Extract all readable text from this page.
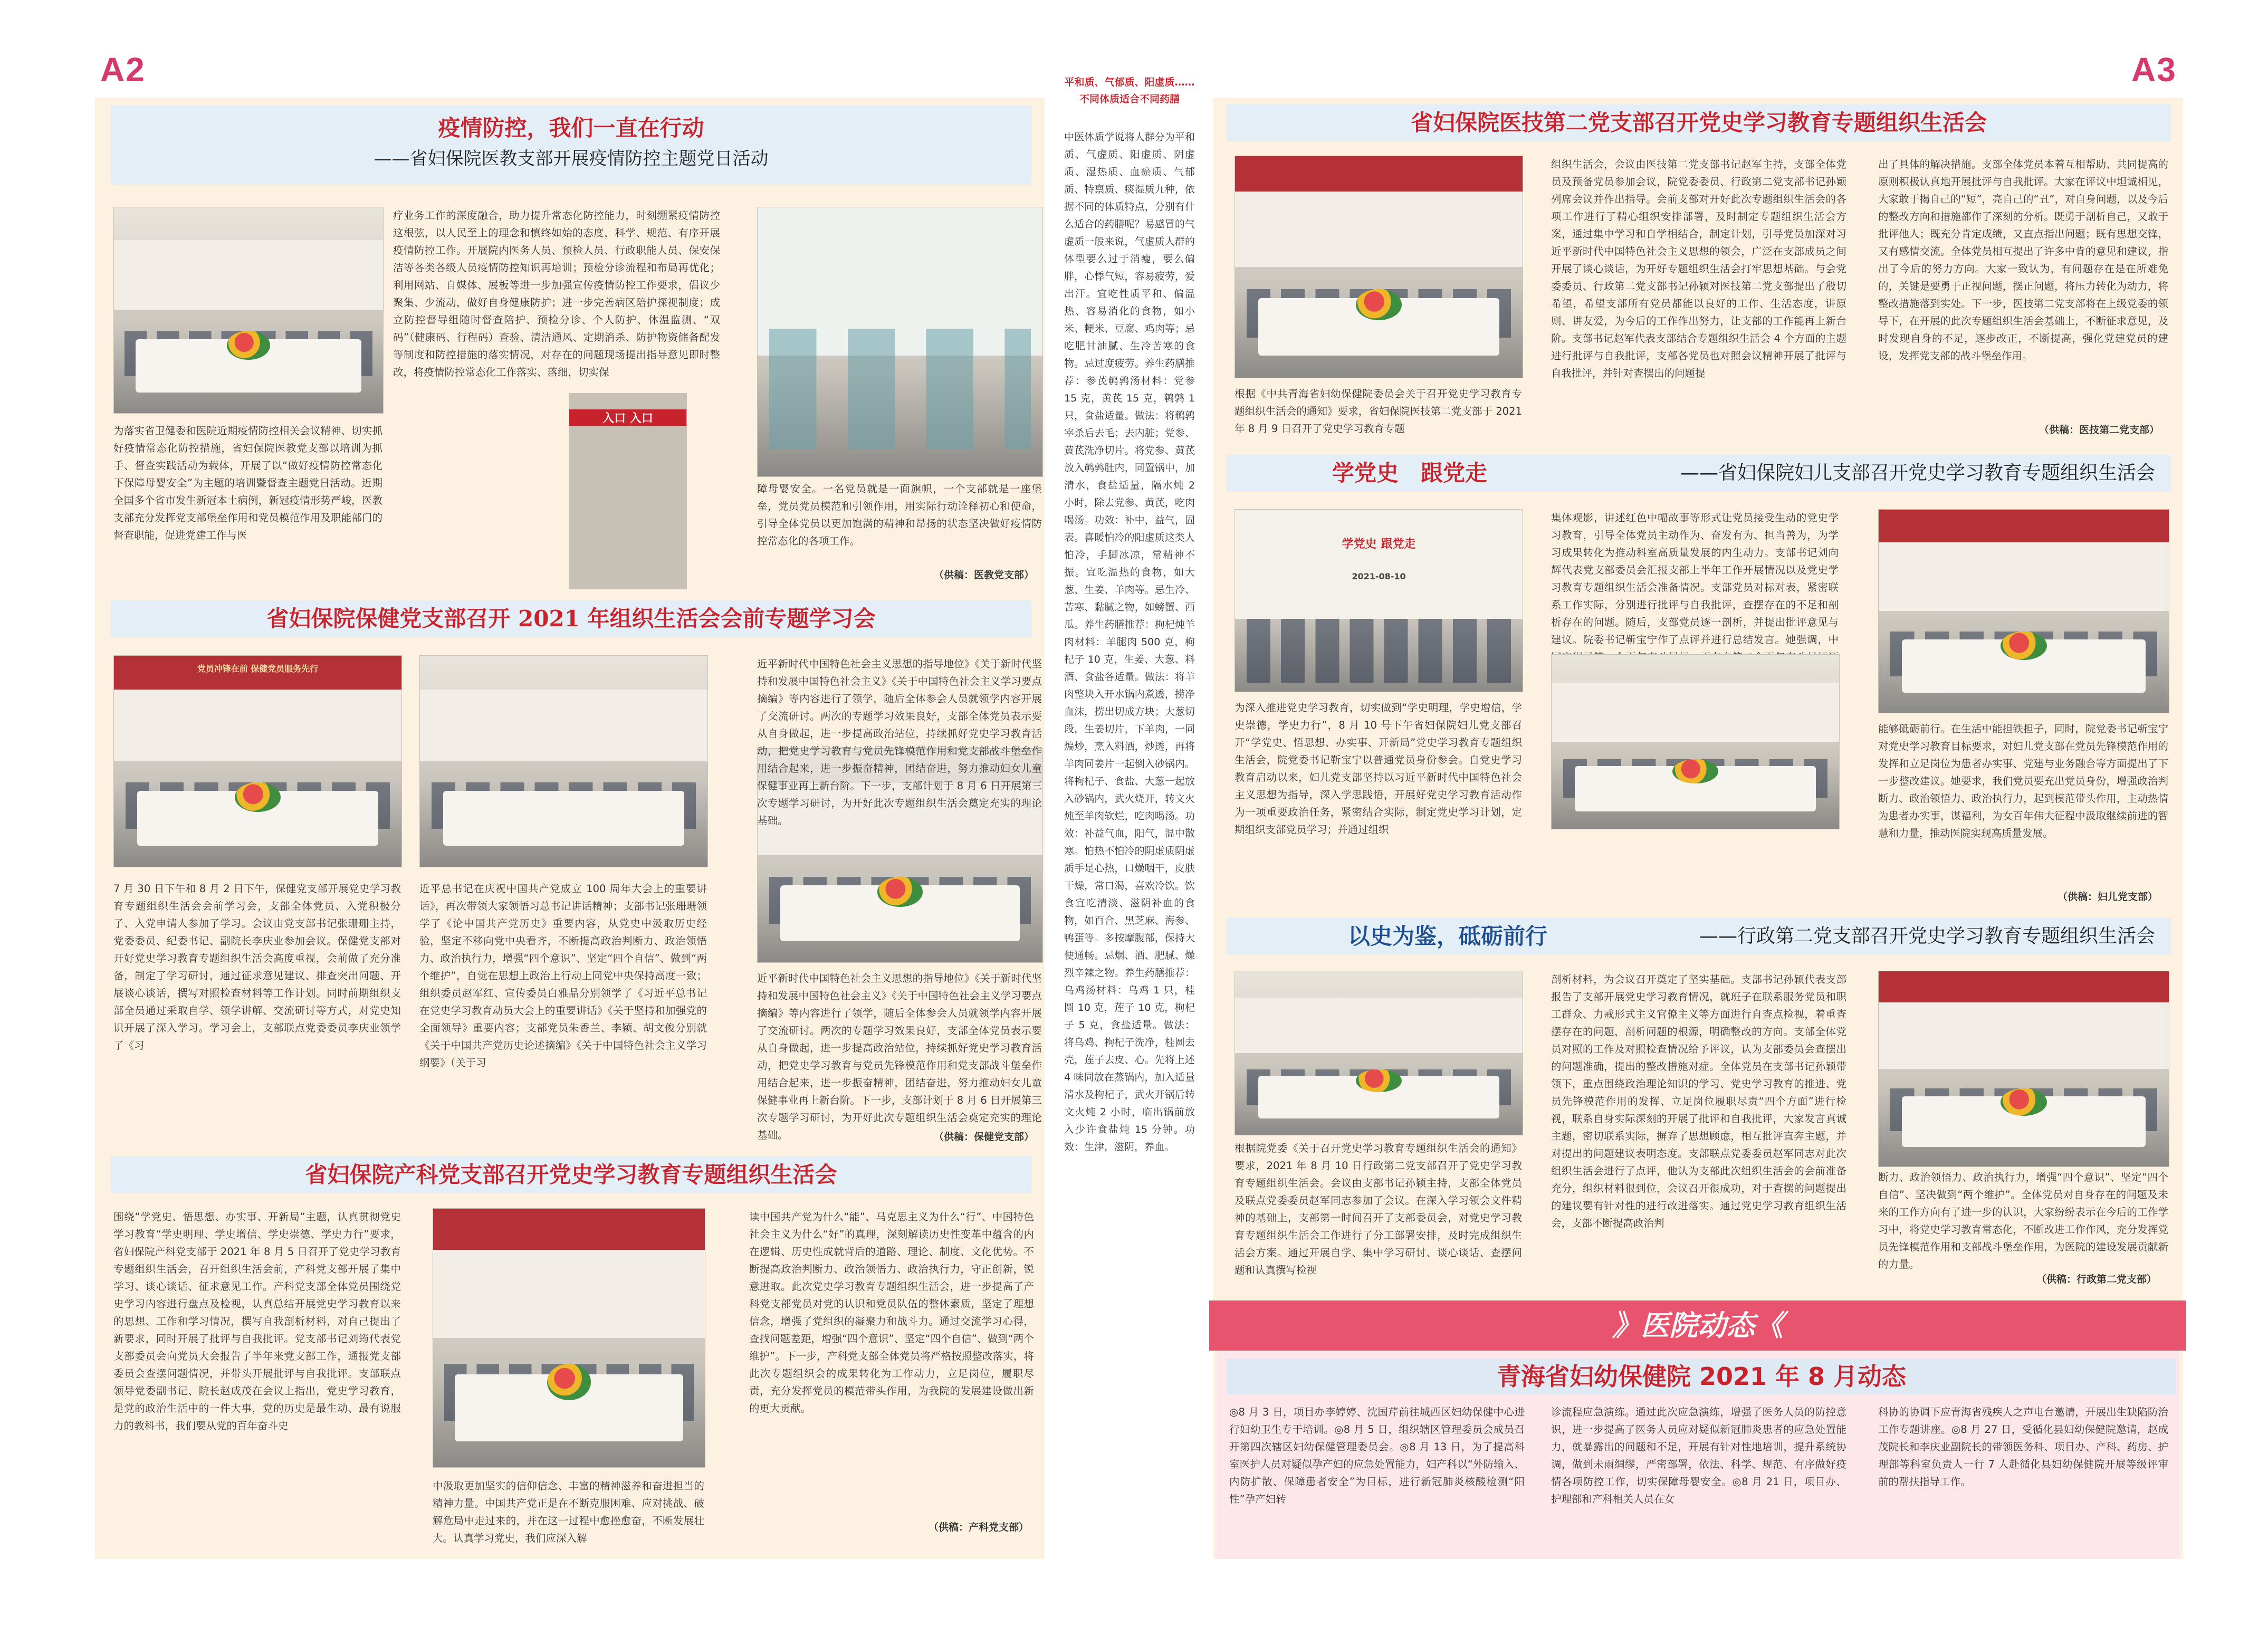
A2	A3
疫情防控，我们一直在行动
——省妇保院医教支部开展疫情防控主题党日活动
入口 入口
为落实省卫健委和医院近期疫情防控相关会议精神、切实抓好疫情常态化防控措施，省妇保院医教党支部以培训为抓手、督查实践活动为载体，开展了以“做好疫情防控常态化下保障母婴安全”为主题的培训暨督查主题党日活动。近期全国多个省市发生新冠本土病例，新冠疫情形势严峻，医教支部充分发挥党支部堡垒作用和党员模范作用及职能部门的督查职能，促进党建工作与医
疗业务工作的深度融合，助力提升常态化防控能力，时刻绷紧疫情防控这根弦，以人民至上的理念和慎终如始的态度，科学、规范、有序开展疫情防控工作。开展院内医务人员、预检人员、行政职能人员、保安保洁等各类各级人员疫情防控知识再培训；预检分诊流程和布局再优化；利用网站、自媒体、展板等进一步加强宣传疫情防控工作要求，倡议少聚集、少流动，做好自身健康防护；进一步完善病区陪护探视制度；成立防控督导组随时督查陪护、预检分诊、个人防护、体温监测、“双码”（健康码、行程码）查验、清洁通风、定期消杀、防护物资储备配发等制度和防控措施的落实情况，对存在的问题现场提出指导意见即时整改，将疫情防控常态化工作落实、落细，切实保
障母婴安全。一名党员就是一面旗帜，一个支部就是一座堡垒，党员党员模范和引领作用，用实际行动诠释初心和使命，引导全体党员以更加饱满的精神和昂扬的状态坚决做好疫情防控常态化的各项工作。
（供稿：医教党支部）
省妇保院保健党支部召开 2021 年组织生活会会前专题学习会
党员冲锋在前 保健党员服务先行
7 月 30 日下午和 8 月 2 日下午，保健党支部开展党史学习教育专题组织生活会会前学习会，支部全体党员、入党积极分子、入党申请人参加了学习。会议由党支部书记张珊珊主持，党委委员、纪委书记、副院长李庆业参加会议。保健党支部对开好党史学习教育专题组织生活会高度重视，会前做了充分准备，制定了学习研讨，通过征求意见建议、排查突出问题、开展谈心谈话，撰写对照检查材料等工作计划。同时前期组织支部全员通过采取自学、领学讲解、交流研讨等方式，对党史知识开展了深入学习。学习会上，支部联点党委委员李庆业领学了《习
近平总书记在庆祝中国共产党成立 100 周年大会上的重要讲话》，再次带领大家领悟习总书记讲话精神；支部书记张珊珊领学了《论中国共产党历史》重要内容，从党史中汲取历史经验，坚定不移向党中央看齐，不断提高政治判断力、政治领悟力、政治执行力，增强“四个意识”、坚定“四个自信”、做到“两个维护”，自觉在思想上政治上行动上同党中央保持高度一致；组织委员赵军红、宣传委员白雅晶分别领学了《习近平总书记在党史学习教育动员大会上的重要讲话》《关于坚持和加强党的全面领导》重要内容；支部党员朱香兰、李颖、胡文俊分别就《关于中国共产党历史论述摘编》《关于中国特色社会主义学习纲要》（关于习
近平新时代中国特色社会主义思想的指导地位》《关于新时代坚持和发展中国特色社会主义》《关于中国特色社会主义学习要点摘编》等内容进行了领学，随后全体参会人员就领学内容开展了交流研讨。两次的专题学习效果良好，支部全体党员表示要从自身做起，进一步提高政治站位，持续抓好党史学习教育活动，把党史学习教育与党员先锋模范作用和党支部战斗堡垒作用结合起来，进一步振奋精神，团结奋进，努力推动妇女儿童保健事业再上新台阶。下一步，支部计划于 8 月 6 日开展第三次专题学习研讨，为开好此次专题组织生活会奠定充实的理论基础。
近平新时代中国特色社会主义思想的指导地位》《关于新时代坚持和发展中国特色社会主义》《关于中国特色社会主义学习要点摘编》等内容进行了领学，随后全体参会人员就领学内容开展了交流研讨。两次的专题学习效果良好，支部全体党员表示要从自身做起，进一步提高政治站位，持续抓好党史学习教育活动，把党史学习教育与党员先锋模范作用和党支部战斗堡垒作用结合起来，进一步振奋精神，团结奋进，努力推动妇女儿童保健事业再上新台阶。下一步，支部计划于 8 月 6 日开展第三次专题学习研讨，为开好此次专题组织生活会奠定充实的理论基础。	（供稿：保健党支部）
省妇保院产科党支部召开党史学习教育专题组织生活会
围绕“学党史、悟思想、办实事、开新局”主题，认真贯彻党史学习教育“学史明理、学史增信、学史崇德、学史力行”要求，省妇保院产科党支部于 2021 年 8 月 5 日召开了党史学习教育专题组织生活会，召开组织生活会前，产科党支部开展了集中学习、谈心谈话、征求意见工作。产科党支部全体党员围绕党史学习内容进行盘点及检视，认真总结开展党史学习教育以来的思想、工作和学习情况，撰写自我剖析材料，对自己提出了新要求，同时开展了批评与自我批评。党支部书记刘筠代表党支部委员会向党员大会报告了半年来党支部工作，通报党支部委员会查摆问题情况，并带头开展批评与自我批评。支部联点领导党委副书记、院长赵成茂在会议上指出，党史学习教育，是党的政治生活中的一件大事，党的历史是最生动、最有说服力的教科书，我们要从党的百年奋斗史
中汲取更加坚实的信仰信念、丰富的精神滋养和奋进担当的精神力量。中国共产党正是在不断克服困难、应对挑战、破解危局中走过来的，并在这一过程中愈挫愈奋，不断发展壮大。认真学习党史，我们应深入解
读中国共产党为什么“能”、马克思主义为什么“行”、中国特色社会主义为什么“好”的真理，深刻解读历史性变革中蕴含的内在逻辑、历史性成就背后的道路、理论、制度、文化优势。不断提高政治判断力、政治领悟力、政治执行力，守正创新，锐意进取。此次党史学习教育专题组织生活会，进一步提高了产科党支部党员对党的认识和党员队伍的整体素质，坚定了理想信念，增强了党组织的凝聚力和战斗力。通过交流学习心得，查找问题差距，增强“四个意识”、坚定“四个自信”、做到“两个维护”。下一步，产科党支部全体党员将严格按照整改落实，将此次专题组织会的成果转化为工作动力，立足岗位，履职尽责，充分发挥党员的模范带头作用，为我院的发展建设做出新的更大贡献。
（供稿：产科党支部）
平和质、气郁质、阳虚质……不同体质适合不同药膳
中医体质学说将人群分为平和质、气虚质、阳虚质、阴虚质、湿热质、血瘀质、气郁质、特禀质、痰湿质九种，依据不同的体质特点，分别有什么适合的药膳呢？易感冒的气虚质一般来说，气虚质人群的体型要么过于消瘦，要么偏胖，心悸气短，容易疲劳，爱出汗。宜吃性质平和、偏温热、容易消化的食物，如小米、粳米、豆腐、鸡肉等；忌吃肥甘油腻、生冷苦寒的食物。忌过度疲劳。养生药膳推荐：参芪鹌鹑汤材料：党参 15 克，黄芪 15 克，鹌鹑 1 只，食盐适量。做法：将鹌鹑宰杀后去毛；去内脏；党参、黄芪洗净切片。将党参、黄芪放入鹌鹑肚内，同置锅中，加清水，食盐适量，隔水炖 2 小时，除去党参、黄芪，吃肉喝汤。功效：补中，益气，固表。喜暖怕冷的阳虚质这类人怕冷，手脚冰凉，常精神不振。宜吃温热的食物，如大葱、生姜、羊肉等。忌生冷、苦寒、黏腻之物，如螃蟹、西瓜。养生药膳推荐：枸杞炖羊肉材料：羊腿肉 500 克，枸杞子 10 克，生姜、大葱、料酒、食盐各适量。做法：将羊肉整块入开水锅内煮透，捞净血沫，捞出切成方块；大葱切段，生姜切片，下羊肉，一同煸炒，烹入料酒，炒透，再将羊肉同姜片一起倒入砂锅内。将枸杞子、食盐、大葱一起放入砂锅内，武火烧开，转文火炖至羊肉软烂，吃肉喝汤。功效：补益气血，阳气，温中散寒。怕热不怕冷的阴虚质阴虚质手足心热，口燥咽干，皮肤干燥，常口渴，喜欢冷饮。饮食宜吃清淡、滋阴补血的食物，如百合、黑芝麻、海参、鸭蛋等。多按摩腹部，保持大便通畅。忌烟、酒、肥腻、燥烈辛辣之物。养生药膳推荐：乌鸡汤材料：乌鸡 1 只，桂圆 10 克，莲子 10 克，枸杞子 5 克，食盐适量。做法：将乌鸡、枸杞子洗净，桂圆去壳，莲子去皮、心。先将上述 4 味同放在蒸锅内，加入适量清水及枸杞子，武火开锅后转文火炖 2 小时，临出锅前放入少许食盐炖 15 分钟。功效：生津，滋阴，养血。
省妇保院医技第二党支部召开党史学习教育专题组织生活会
根据《中共青海省妇幼保健院委员会关于召开党史学习教育专题组织生活会的通知》要求，省妇保院医技第二党支部于 2021 年 8 月 9 日召开了党史学习教育专题
组织生活会，会议由医技第二党支部书记赵军主持，支部全体党员及预备党员参加会议，院党委委员、行政第二党支部书记孙颖列席会议并作出指导。会前支部对开好此次专题组织生活会的各项工作进行了精心组织安排部署，及时制定专题组织生活会方案，通过集中学习和自学相结合，制定计划，引导党员加深对习近平新时代中国特色社会主义思想的领会，广泛在支部成员之间开展了谈心谈话，为开好专题组织生活会打牢思想基础。与会党委委员、行政第二党支部书记孙颖对医技第二党支部提出了殷切希望，希望支部所有党员都能以良好的工作、生活态度，讲原则、讲友爱，为今后的工作作出努力，让支部的工作能再上新台阶。支部书记赵军代表支部结合专题组织生活会 4 个方面的主题进行批评与自我批评，支部各党员也对照会议精神开展了批评与自我批评，并针对查摆出的问题提
出了具体的解决措施。支部全体党员本着互相帮助、共同提高的原则积极认真地开展批评与自我批评。大家在评议中坦诚相见，大家敢于揭自己的“短”，亮自己的“丑”，对自身问题，以及今后的整改方向和措施都作了深刻的分析。既勇于剖析自己，又敢于批评他人；既充分肯定成绩，又直点指出问题；既有思想交锋，又有感情交流。全体党员相互提出了许多中肯的意见和建议，指出了今后的努力方向。大家一致认为，有问题存在是在所难免的，关键是要勇于正视问题，摆正问题，将压力转化为动力，将整改措施落到实处。下一步，医技第二党支部将在上级党委的领导下，在开展的此次专题组织生活会基础上，不断征求意见，及时发现自身的不足，逐步改正，不断提高，强化党建党员的建设，发挥党支部的战斗堡垒作用。
（供稿：医技第二党支部）
学党史　跟党走	——省妇保院妇儿支部召开党史学习教育专题组织生活会
学党史 跟党走
2021-08-10
为深入推进党史学习教育，切实做到“学史明理，学史增信，学史崇德，学史力行”，8 月 10 号下午省妇保院妇儿党支部召开“学党史、悟思想、办实事、开新局”党史学习教育专题组织生活会，院党委书记靳宝宁以普通党员身份参会。自党史学习教育启动以来，妇儿党支部坚持以习近平新时代中国特色社会主义思想为指导，深入学思践悟，开展好党史学习教育活动作为一项重要政治任务，紧密结合实际，制定党史学习计划，定期组织支部党员学习；并通过组织
集体观影，讲述红色中幅故事等形式让党员接受生动的党史学习教育，引导全体党员主动作为、奋发有为、担当善为，为学习成果转化为推动科室高质量发展的内生动力。支部书记刘向辉代表党支部委员会汇报支部上半年工作开展情况以及党史学习教育专题组织生活会准备情况。支部党员对标对表，紧密联系工作实际，分别进行批评与自我批评，查摆存在的不足和剖析存在的问题。随后，支部党员逐一剖析，并提出批评意见与建议。院委书记靳宝宁作了点评并进行总结发言。她强调，中
能够砥砺前行。在生活中能担铁担子，同时，院党委书记靳宝宁对党史学习教育目标要求，对妇儿党支部在党员先锋模范作用的发挥和立足岗位为患者办实事、党建与业务融合等方面提出了下一步整改建议。她要求，我们党员要充出党员身份，增强政治判断力、政治领悟力、政治执行力，起到模范带头作用，主动热情为患者办实事，谋福利，为女百年伟大征程中汲取继续前进的智慧和力量，推动医院实现高质量发展。
（供稿：妇儿党支部）
以史为鉴，砥砺前行	——行政第二党支部召开党史学习教育专题组织生活会
根据院党委《关于召开党史学习教育专题组织生活会的通知》要求，2021 年 8 月 10 日行政第二党支部召开了党史学习教育专题组织生活会。会议由支部书记孙颖主持，支部全体党员及联点党委委员赵军同志参加了会议。在深入学习领会文件精神的基础上，支部第一时间召开了支部委员会，对党史学习教育专题组织生活会工作进行了分工部署安排，及时完成组织生活会方案。通过开展自学、集中学习研讨、谈心谈话、查摆问题和认真撰写检视
剖析材料，为会议召开奠定了坚实基础。支部书记孙颖代表支部报告了支部开展党史学习教育情况，就班子在联系服务党员和职工群众、力戒形式主义官僚主义等方面进行自查点检视，着重查摆存在的问题，剖析问题的根源，明确整改的方向。支部全体党员对照的工作及对照检查情况给予评议，认为支部委员会查摆出的问题准确，提出的整改措施对症。全体党员在支部书记孙颖带领下，重点围绕政治理论知识的学习、党史学习教育的推进、党员先锋模范作用的发挥、立足岗位履职尽责“四个方面”进行检视，联系自身实际深刻的开展了批评和自我批评，大家发言真诚主题，密切联系实际，摒弃了思想顾虑，相互批评直奔主题，并对提出的问题建议表明态度。支部联点党委委员赵军同志对此次组织生活会进行了点评，他认为支部此次组织生活会的会前准备充分，组织材料很到位，会议召开很成功，对于查摆的问题提出的建议要有针对性的进行改进落实。通过党史学习教育组织生活会，支部不断提高政治判
断力、政治领悟力、政治执行力，增强“四个意识”、坚定“四个自信”、坚决做到“两个维护”。全体党员对自身存在的问题及未来的工作方向有了进一步的认识，大家纷纷表示在今后的工作学习中，将党史学习教育常态化，不断改进工作作风，充分发挥党员先锋模范作用和支部战斗堡垒作用，为医院的建设发展贡献新的力量。
（供稿：行政第二党支部）
》医院动态《
青海省妇幼保健院 2021 年 8 月动态
◎8 月 3 日，项目办李婷婷、沈国芹前往城西区妇幼保健中心进行妇幼卫生专干培训。◎8 月 5 日，组织辖区管理委员会成员召开第四次辖区妇幼保健管理委员会。◎8 月 13 日，为了提高科室医护人员对疑似孕产妇的应急处置能力，妇产科以“外防输入、内防扩散、保障患者安全”为目标，进行新冠肺炎核酸检测“阳性”孕产妇转
诊流程应急演练。通过此次应急演练，增强了医务人员的防控意识，进一步提高了医务人员应对疑似新冠肺炎患者的应急处置能力，就暴露出的问题和不足，开展有针对性地培训，提升系统协调，做到未雨绸缪，严密部署，依法、科学、规范、有序做好疫情各项防控工作，切实保障母婴安全。◎8 月 21 日，项目办、护理部和产科相关人员在女
科协的协调下应青海省残疾人之声电台邀请，开展出生缺陷防治工作专题讲座。◎8 月 27 日，受循化县妇幼保健院邀请，赵成茂院长和李庆业副院长的带领医务科、项目办、产科、药房、护理部等科室负责人一行 7 人赴循化县妇幼保健院开展等级评审前的帮扶指导工作。
